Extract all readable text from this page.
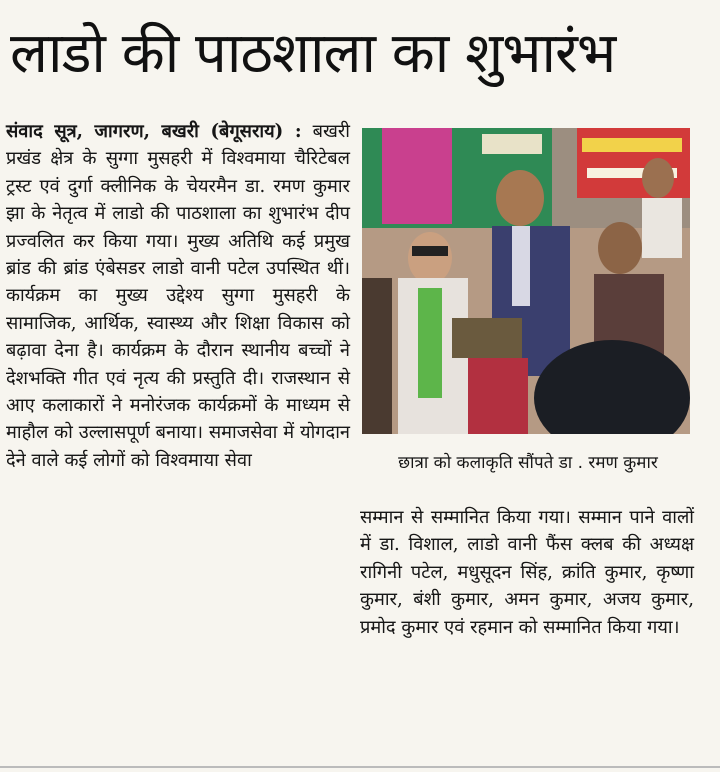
लाडो की पाठशाला का शुभारंभ

संवाद सूत्र, जागरण, बखरी (बेगूसराय) : बखरी प्रखंड क्षेत्र के सुग्गा मुसहरी में विश्वमाया चैरिटेबल ट्रस्ट एवं दुर्गा क्लीनिक के चेयरमैन डा. रमण कुमार झा के नेतृत्व में लाडो की पाठशाला का शुभारंभ दीप प्रज्वलित कर किया गया। मुख्य अतिथि कई प्रमुख ब्रांड की ब्रांड एंबेसडर लाडो वानी पटेल उपस्थित थीं। कार्यक्रम का मुख्य उद्देश्य सुग्गा मुसहरी के सामाजिक, आर्थिक, स्वास्थ्य और शिक्षा विकास को बढ़ावा देना है। कार्यक्रम के दौरान स्थानीय बच्चों ने देशभक्ति गीत एवं नृत्य की प्रस्तुति दी। राजस्थान से आए कलाकारों ने मनोरंजक कार्यक्रमों के माध्यम से माहौल को उल्लासपूर्ण बनाया। समाजसेवा में योगदान देने वाले कई लोगों को विश्वमाया सेवा	छात्रा को कलाकृति सौंपते डा . रमण कुमार

सम्मान से सम्मानित किया गया। सम्मान पाने वालों में डा. विशाल, लाडो वानी फैंस क्लब की अध्यक्ष रागिनी पटेल, मधुसूदन सिंह, क्रांति कुमार, कृष्णा कुमार, बंशी कुमार, अमन कुमार, अजय कुमार, प्रमोद कुमार एवं रहमान को सम्मानित किया गया।
